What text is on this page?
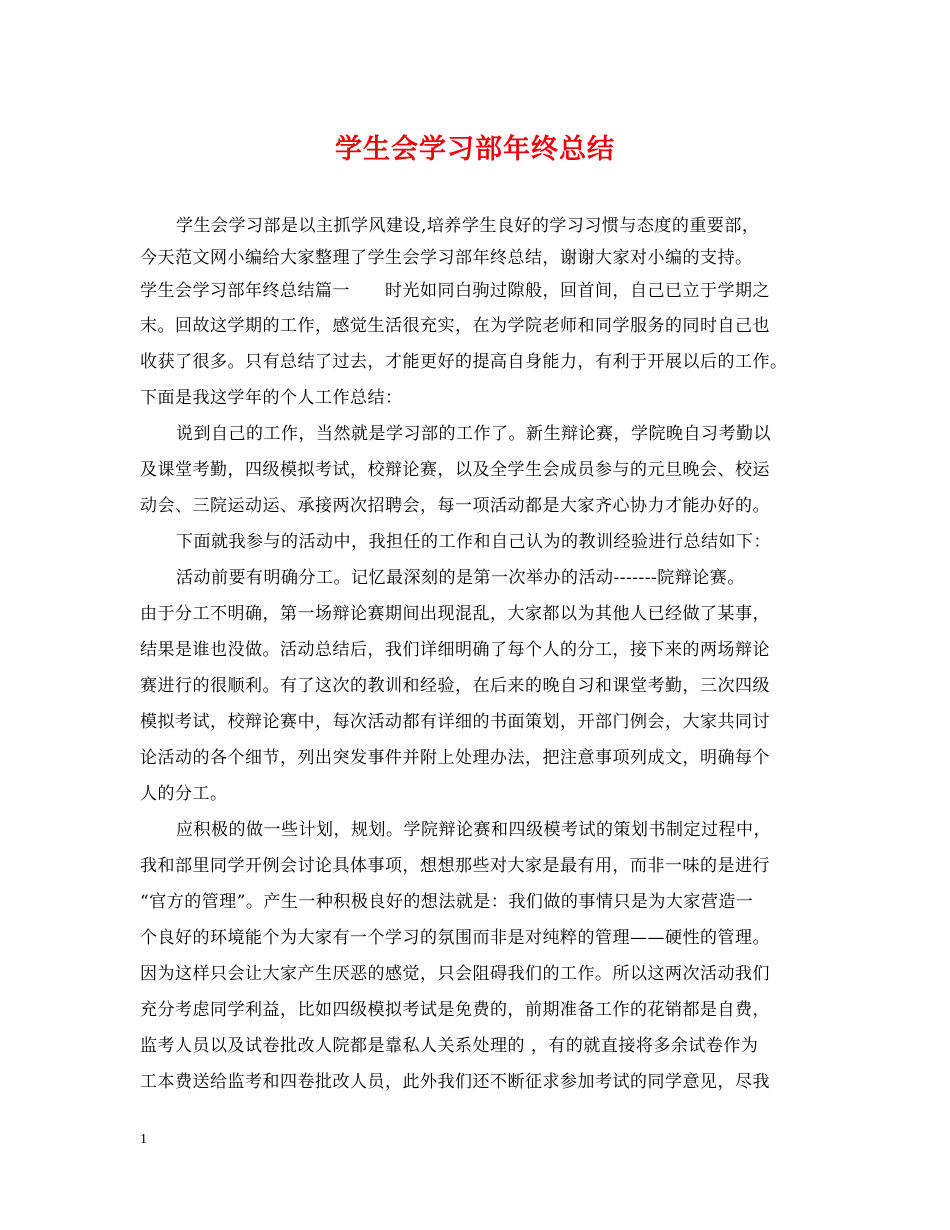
学生会学习部年终总结
学生会学习部是以主抓学风建设,培养学生良好的学习习惯与态度的重要部，
今天范文网小编给大家整理了学生会学习部年终总结，谢谢大家对小编的支持。
学生会学习部年终总结篇一　　时光如同白驹过隙般，回首间，自己已立于学期之
末。回故这学期的工作，感觉生活很充实，在为学院老师和同学服务的同时自己也
收获了很多。只有总结了过去，才能更好的提高自身能力，有利于开展以后的工作。
下面是我这学年的个人工作总结：
说到自己的工作，当然就是学习部的工作了。新生辩论赛，学院晚自习考勤以
及课堂考勤，四级模拟考试，校辩论赛，以及全学生会成员参与的元旦晚会、校运
动会、三院运动运、承接两次招聘会，每一项活动都是大家齐心协力才能办好的。
下面就我参与的活动中，我担任的工作和自己认为的教训经验进行总结如下：
活动前要有明确分工。记忆最深刻的是第一次举办的活动-------院辩论赛。
由于分工不明确，第一场辩论赛期间出现混乱，大家都以为其他人已经做了某事，
结果是谁也没做。活动总结后，我们详细明确了每个人的分工，接下来的两场辩论
赛进行的很顺利。有了这次的教训和经验，在后来的晚自习和课堂考勤，三次四级
模拟考试，校辩论赛中，每次活动都有详细的书面策划，开部门例会，大家共同讨
论活动的各个细节，列出突发事件并附上处理办法，把注意事项列成文，明确每个
人的分工。
应积极的做一些计划，规划。学院辩论赛和四级模考试的策划书制定过程中，
我和部里同学开例会讨论具体事项，想想那些对大家是最有用，而非一味的是进行
“官方的管理”。产生一种积极良好的想法就是：我们做的事情只是为大家营造一
个良好的环境能个为大家有一个学习的氛围而非是对纯粹的管理——硬性的管理。
因为这样只会让大家产生厌恶的感觉，只会阻碍我们的工作。所以这两次活动我们
充分考虑同学利益，比如四级模拟考试是免费的，前期准备工作的花销都是自费，
监考人员以及试卷批改人院都是靠私人关系处理的 ，有的就直接将多余试卷作为
工本费送给监考和四卷批改人员，此外我们还不断征求参加考试的同学意见，尽我
1
